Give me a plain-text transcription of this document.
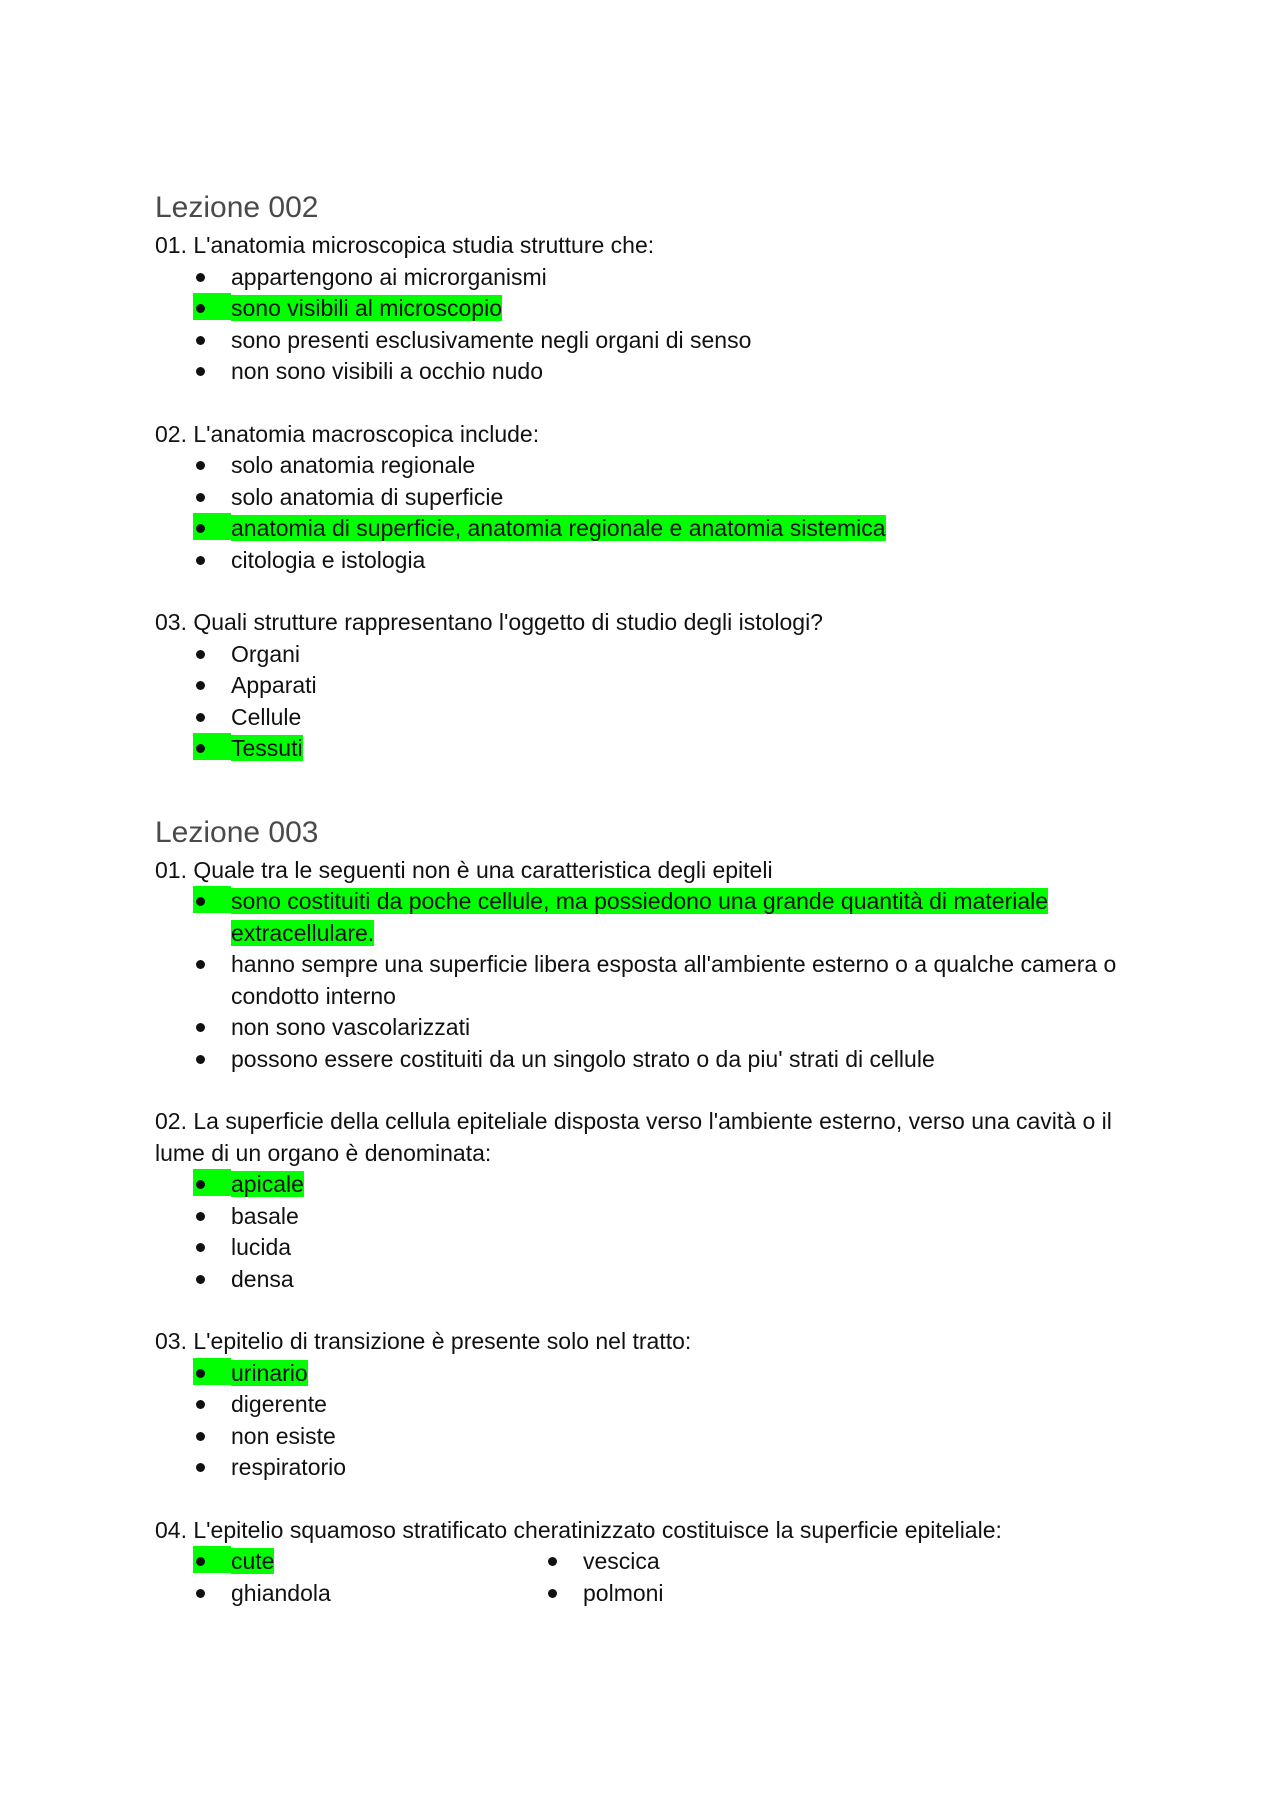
Lezione 002
01. L'anatomia microscopica studia strutture che:
appartengono ai microrganismi
sono visibili al microscopio
sono presenti esclusivamente negli organi di senso
non sono visibili a occhio nudo
02. L'anatomia macroscopica include:
solo anatomia regionale
solo anatomia di superficie
anatomia di superficie, anatomia regionale e anatomia sistemica
citologia e istologia
03. Quali strutture rappresentano l'oggetto di studio degli istologi?
Organi
Apparati
Cellule
Tessuti
Lezione 003
01. Quale tra le seguenti non è una caratteristica degli epiteli
sono costituiti da poche cellule, ma possiedono una grande quantità di materiale extracellulare.
hanno sempre una superficie libera esposta all'ambiente esterno o a qualche camera o condotto interno
non sono vascolarizzati
possono essere costituiti da un singolo strato o da piu' strati di cellule
02. La superficie della cellula epiteliale disposta verso l'ambiente esterno, verso una cavità o il lume di un organo è denominata:
apicale
basale
lucida
densa
03. L'epitelio di transizione è presente solo nel tratto:
urinario
digerente
non esiste
respiratorio
04. L'epitelio squamoso stratificato cheratinizzato costituisce la superficie epiteliale:
cute	vescica
ghiandola	polmoni
